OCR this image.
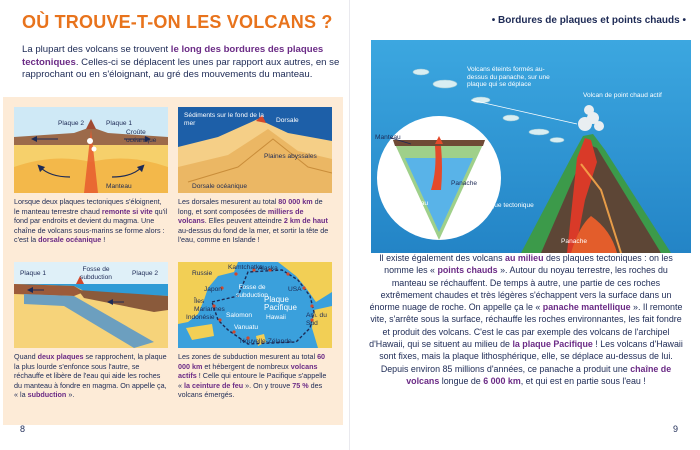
OÙ TROUVE-T-ON LES VOLCANS ?

La plupart des volcans se trouvent le long des bordures des plaques tectoniques. Celles-ci se déplacent les unes par rapport aux autres, en se rapprochant ou en s'éloignant, au gré des mouvements du manteau.

Plaque 2	Plaque 1
Croûte océanique
Manteau

Lorsque deux plaques tectoniques s'éloignent, le manteau terrestre chaud remonte si vite qu'il fond par endroits et devient du magma. Une chaîne de volcans sous-marins se forme alors : c'est la dorsale océanique !

Sédiments sur le fond de la mer	Dorsale
Plaines abyssales
Dorsale océanique

Les dorsales mesurent au total 80 000 km de long, et sont composées de milliers de volcans. Elles peuvent atteindre 2 km de haut au-dessus du fond de la mer, et sortir la tête de l'eau, comme en Islande !

Plaque 1
Fosse de subduction	Plaque 2

Quand deux plaques se rapprochent, la plaque la plus lourde s'enfonce sous l'autre, se réchauffe et libère de l'eau qui aide les roches du manteau à fondre en magma. On appelle ça, « la subduction ».

Russie
Kamtchatka
Alaska
Japon	Fosse de subduction
USA
Îles Mariannes
Plaque Pacifique
Salomon
Indonésie	Hawaii
Vanuatu
Am. du Sud
Nouvelle-Zélande

Les zones de subduction mesurent au total 60 000 km et hébergent de nombreux volcans actifs ! Celle qui entoure le Pacifique s'appelle « la ceinture de feu ». On y trouve 75 % des volcans émergés.

8
• Bordures de plaques et points chauds •
Volcans éteints formés au-dessus du panache, sur une plaque qui se déplace
Volcan de point chaud actif
Manteau
Panache
Noyau	Plaque tectonique
Panache

Il existe également des volcans au milieu des plaques tectoniques : on les nomme les « points chauds ». Autour du noyau terrestre, les roches du manteau se réchauffent. De temps à autre, une partie de ces roches extrêmement chaudes et très légères s'échappent vers la surface dans un énorme nuage de roche. On appelle ça le « panache mantellique ». Il remonte vite, s'arrête sous la surface, réchauffe les roches environnantes, les fait fondre et produit des volcans. C'est le cas par exemple des volcans de l'archipel d'Hawaii, qui se situent au milieu de la plaque Pacifique ! Les volcans d'Hawaii sont fixes, mais la plaque lithosphérique, elle, se déplace au-dessus de lui. Depuis environ 85 millions d'années, ce panache a produit une chaîne de volcans longue de 6 000 km, et qui est en partie sous l'eau !

9
